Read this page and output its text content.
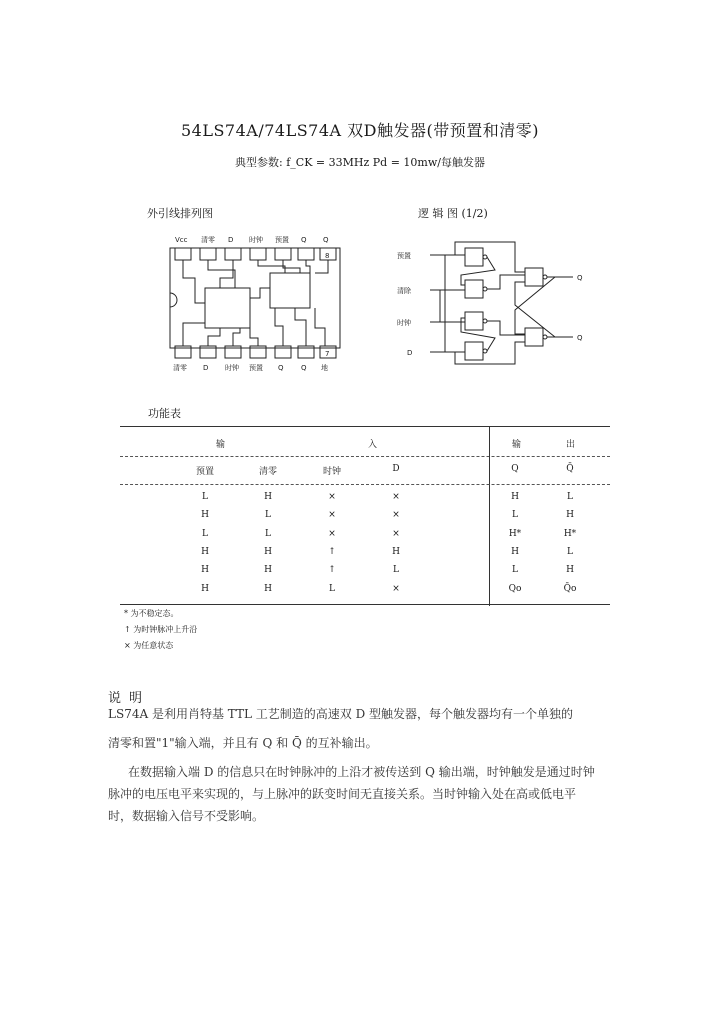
54LS74A/74LS74A 双D触发器(带预置和清零)
典型参数: f_CK = 33MHz Pd = 10mw/每触发器
外引线排列图	逻 辑 图 (1/2)
Vcc 清零 D 时钟 预置 Q Q
8
清零 D 时钟 预置 Q Q 地
7
预置
清除
时钟
D
Q
Q
功能表
输	入	输	出
预置	清零	时钟	D	Q	Q̄
L	H	×	×	H	L
H	L	×	×	L	H
L	L	×	×	H*	H*
H	H	↑	H	H	L
H	H	↑	L	L	H
H	H	L	×	Qo	Q̄o
* 为不稳定态。
↑ 为时钟脉冲上升沿
× 为任意状态
说明
LS74A 是利用肖特基 TTL 工艺制造的高速双 D 型触发器，每个触发器均有一个单独的
清零和置"1"输入端，并且有 Q 和 Q̄ 的互补输出。
在数据输入端 D 的信息只在时钟脉冲的上沿才被传送到 Q 输出端，时钟触发是通过时钟
脉冲的电压电平来实现的，与上脉冲的跃变时间无直接关系。当时钟输入处在高或低电平
时，数据输入信号不受影响。
